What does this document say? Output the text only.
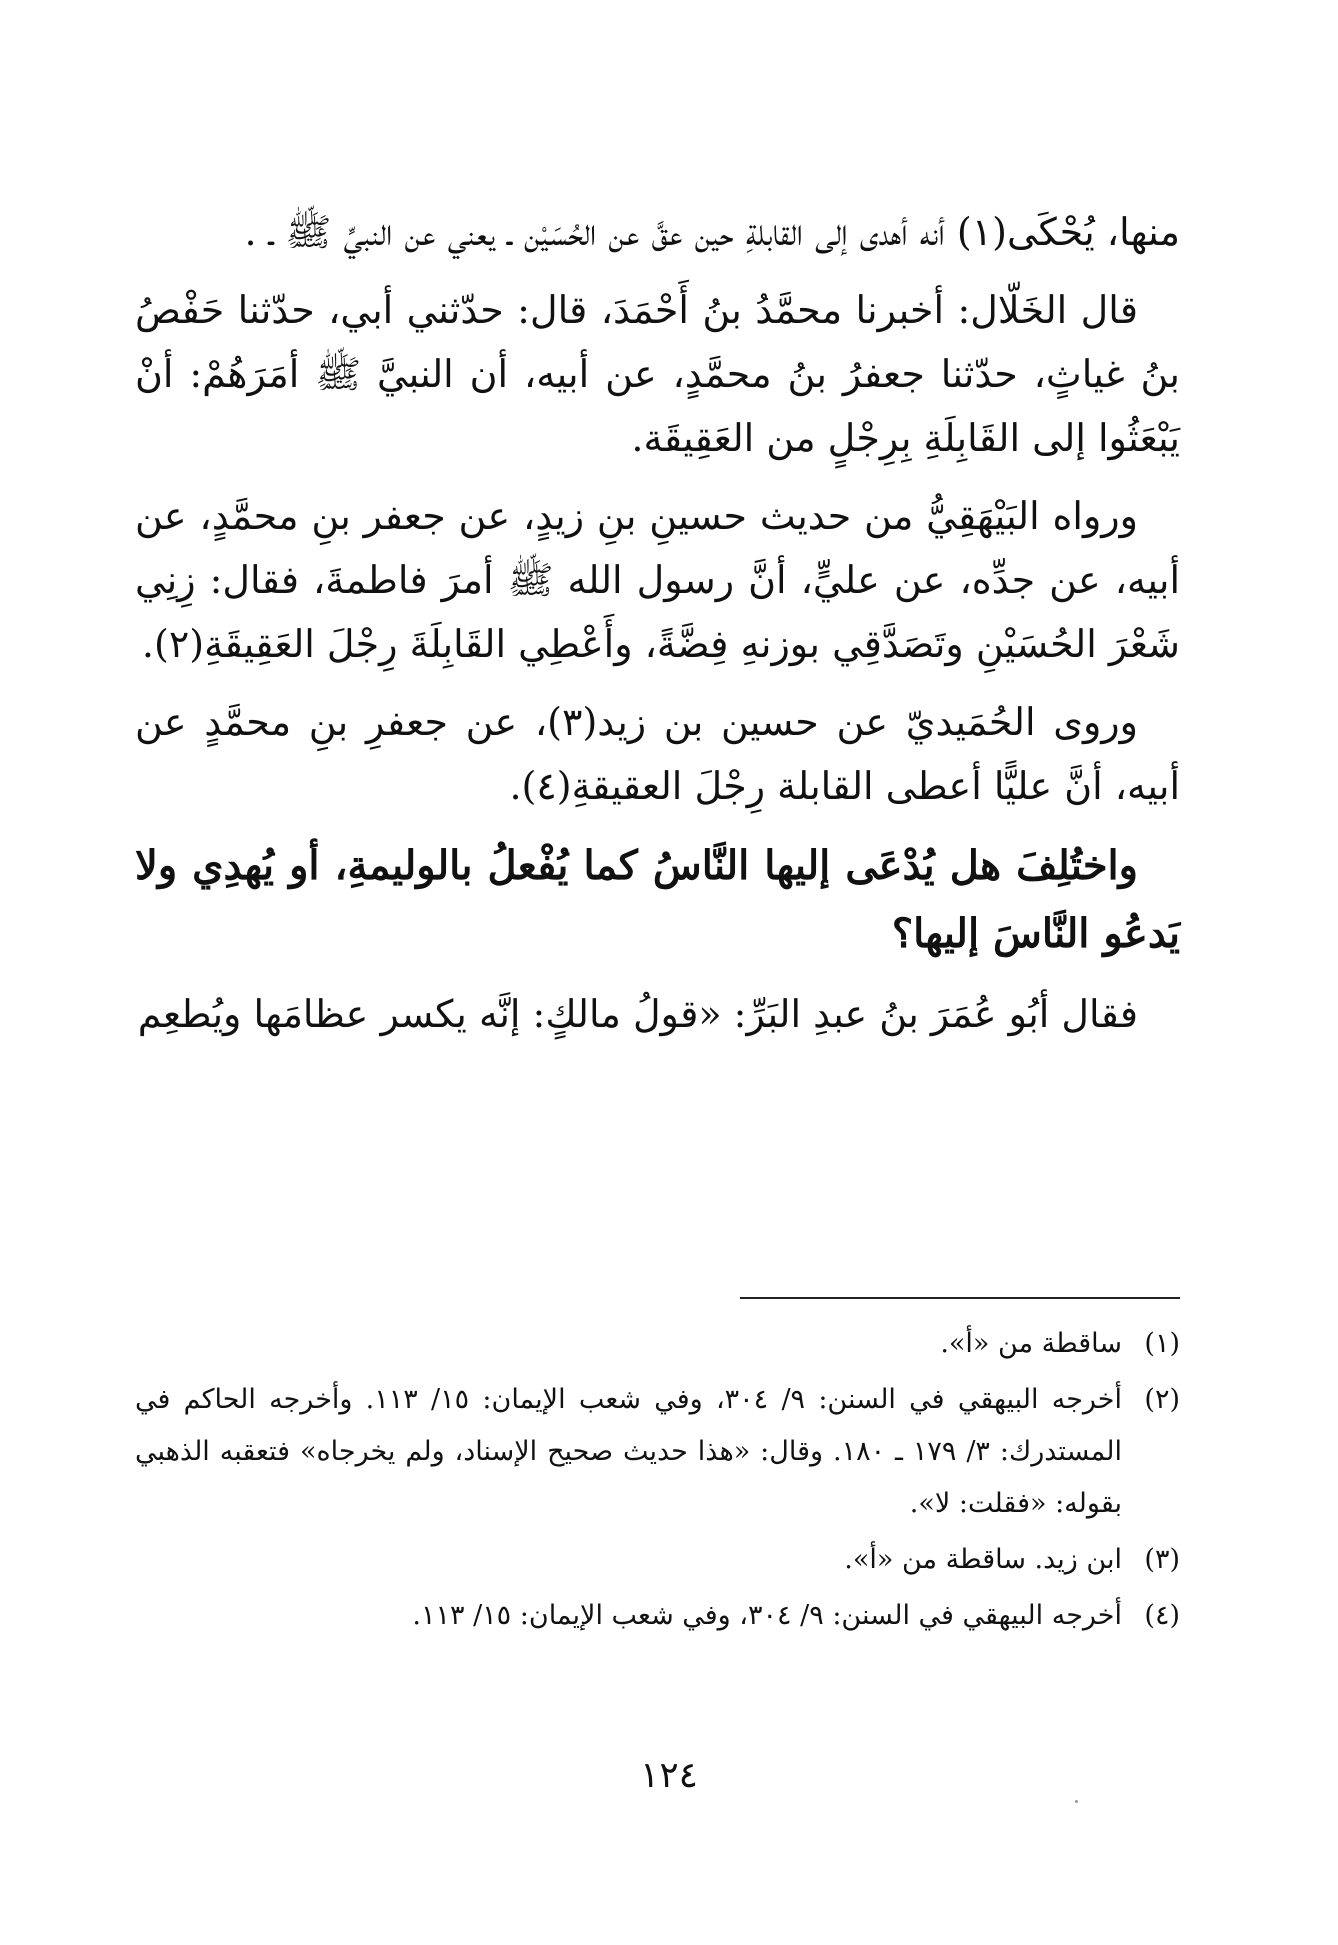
منها، يُحْكَى(١) أنه أهدى إلى القابلةِ حين عقَّ عن الحُسَيْن ـ يعني عن النبيِّ ﷺ ـ .

قال الخَلّال: أخبرنا محمَّدُ بنُ أَحْمَدَ، قال: حدّثني أبي، حدّثنا حَفْصُ بنُ غياثٍ، حدّثنا جعفرُ بنُ محمَّدٍ، عن أبيه، أن النبيَّ ﷺ أمَرَهُمْ: أنْ يَبْعَثُوا إلى القَابِلَةِ بِرِجْلٍ من العَقِيقَة.

ورواه البَيْهَقِيُّ من حديث حسينِ بنِ زيدٍ، عن جعفر بنِ محمَّدٍ، عن أبيه، عن جدِّه، عن عليٍّ، أنَّ رسول الله ﷺ أمرَ فاطمةَ، فقال: زِنِي شَعْرَ الحُسَيْنِ وتَصَدَّقِي بوزنهِ فِضَّةً، وأَعْطِي القَابِلَةَ رِجْلَ العَقِيقَةِ(٢).

وروى الحُمَيديّ عن حسين بن زيد(٣)، عن جعفرِ بنِ محمَّدٍ عن أبيه، أنَّ عليًّا أعطى القابلة رِجْلَ العقيقةِ(٤).

واختُلِفَ هل يُدْعَى إليها النَّاسُ كما يُفْعلُ بالوليمةِ، أو يُهدِي ولا يَدعُو النَّاسَ إليها؟

فقال أبُو عُمَرَ بنُ عبدِ البَرِّ: «قولُ مالكٍ: إنَّه يكسر عظامَها ويُطعِم

(١)
ساقطة من «أ».
(٢)
أخرجه البيهقي في السنن: ٩/ ٣٠٤، وفي شعب الإيمان: ١٥/ ١١٣. وأخرجه الحاكم في المستدرك: ٣/ ١٧٩ ـ ١٨٠. وقال: «هذا حديث صحيح الإسناد، ولم يخرجاه» فتعقبه الذهبي بقوله: «فقلت: لا».
(٣)
ابن زيد. ساقطة من «أ».
(٤)
أخرجه البيهقي في السنن: ٩/ ٣٠٤، وفي شعب الإيمان: ١٥/ ١١٣.
١٢٤
